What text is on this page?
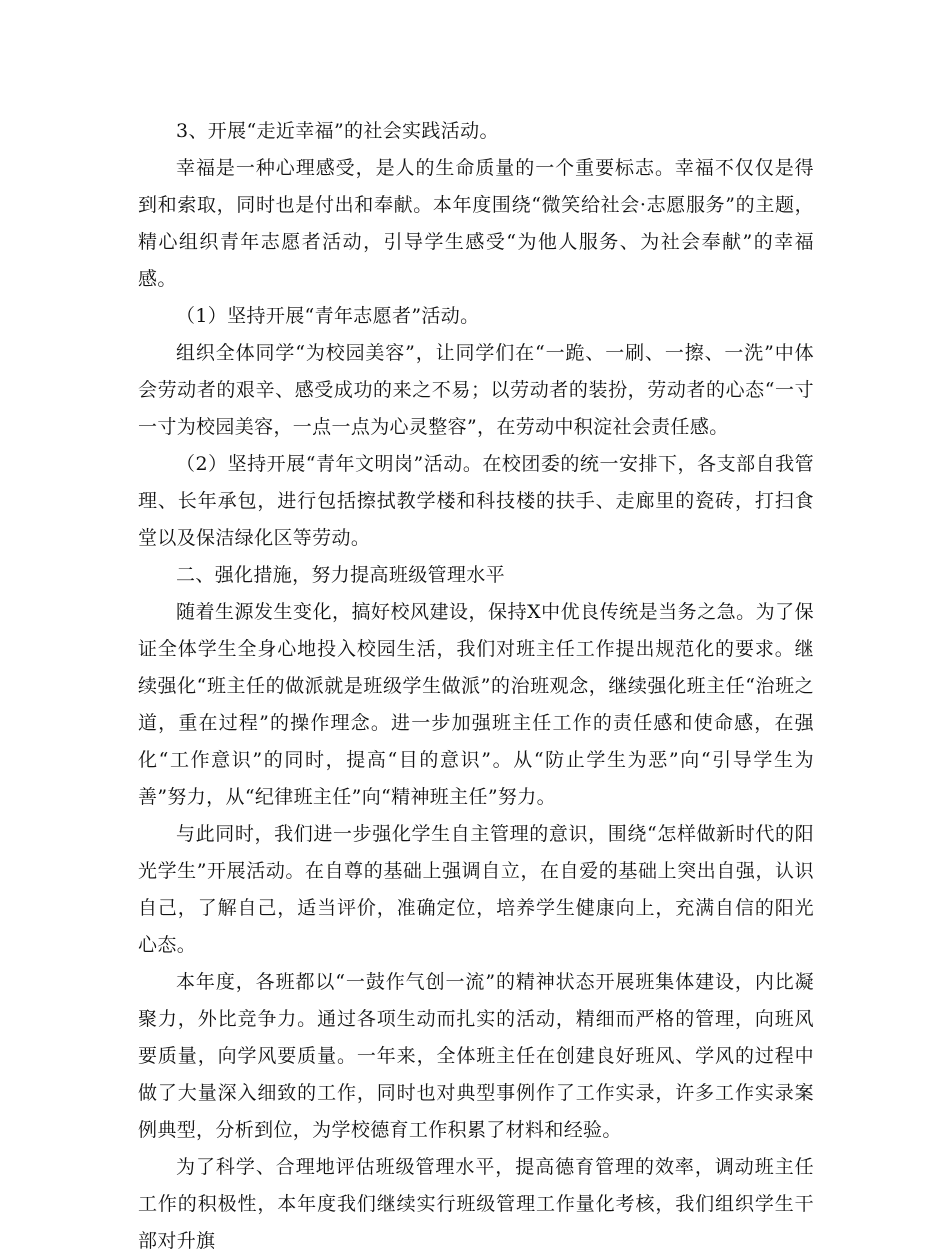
3、开展“走近幸福”的社会实践活动。

幸福是一种心理感受，是人的生命质量的一个重要标志。幸福不仅仅是得到和索取，同时也是付出和奉献。本年度围绕“微笑给社会·志愿服务”的主题，精心组织青年志愿者活动，引导学生感受“为他人服务、为社会奉献”的幸福感。

（1）坚持开展“青年志愿者”活动。

组织全体同学“为校园美容”，让同学们在“一跪、一刷、一擦、一洗”中体会劳动者的艰辛、感受成功的来之不易；以劳动者的装扮，劳动者的心态“一寸一寸为校园美容，一点一点为心灵整容”，在劳动中积淀社会责任感。

（2）坚持开展“青年文明岗”活动。在校团委的统一安排下，各支部自我管理、长年承包，进行包括擦拭教学楼和科技楼的扶手、走廊里的瓷砖，打扫食堂以及保洁绿化区等劳动。

二、强化措施，努力提高班级管理水平

随着生源发生变化，搞好校风建设，保持X中优良传统是当务之急。为了保证全体学生全身心地投入校园生活，我们对班主任工作提出规范化的要求。继续强化“班主任的做派就是班级学生做派”的治班观念，继续强化班主任“治班之道，重在过程”的操作理念。进一步加强班主任工作的责任感和使命感，在强化“工作意识”的同时，提高“目的意识”。从“防止学生为恶”向“引导学生为善”努力，从“纪律班主任”向“精神班主任”努力。

与此同时，我们进一步强化学生自主管理的意识，围绕“怎样做新时代的阳光学生”开展活动。在自尊的基础上强调自立，在自爱的基础上突出自强，认识自己，了解自己，适当评价，准确定位，培养学生健康向上，充满自信的阳光心态。

本年度，各班都以“一鼓作气创一流”的精神状态开展班集体建设，内比凝聚力，外比竞争力。通过各项生动而扎实的活动，精细而严格的管理，向班风要质量，向学风要质量。一年来，全体班主任在创建良好班风、学风的过程中做了大量深入细致的工作，同时也对典型事例作了工作实录，许多工作实录案例典型，分析到位，为学校德育工作积累了材料和经验。

为了科学、合理地评估班级管理水平，提高德育管理的效率，调动班主任工作的积极性，本年度我们继续实行班级管理工作量化考核，我们组织学生干部对升旗
